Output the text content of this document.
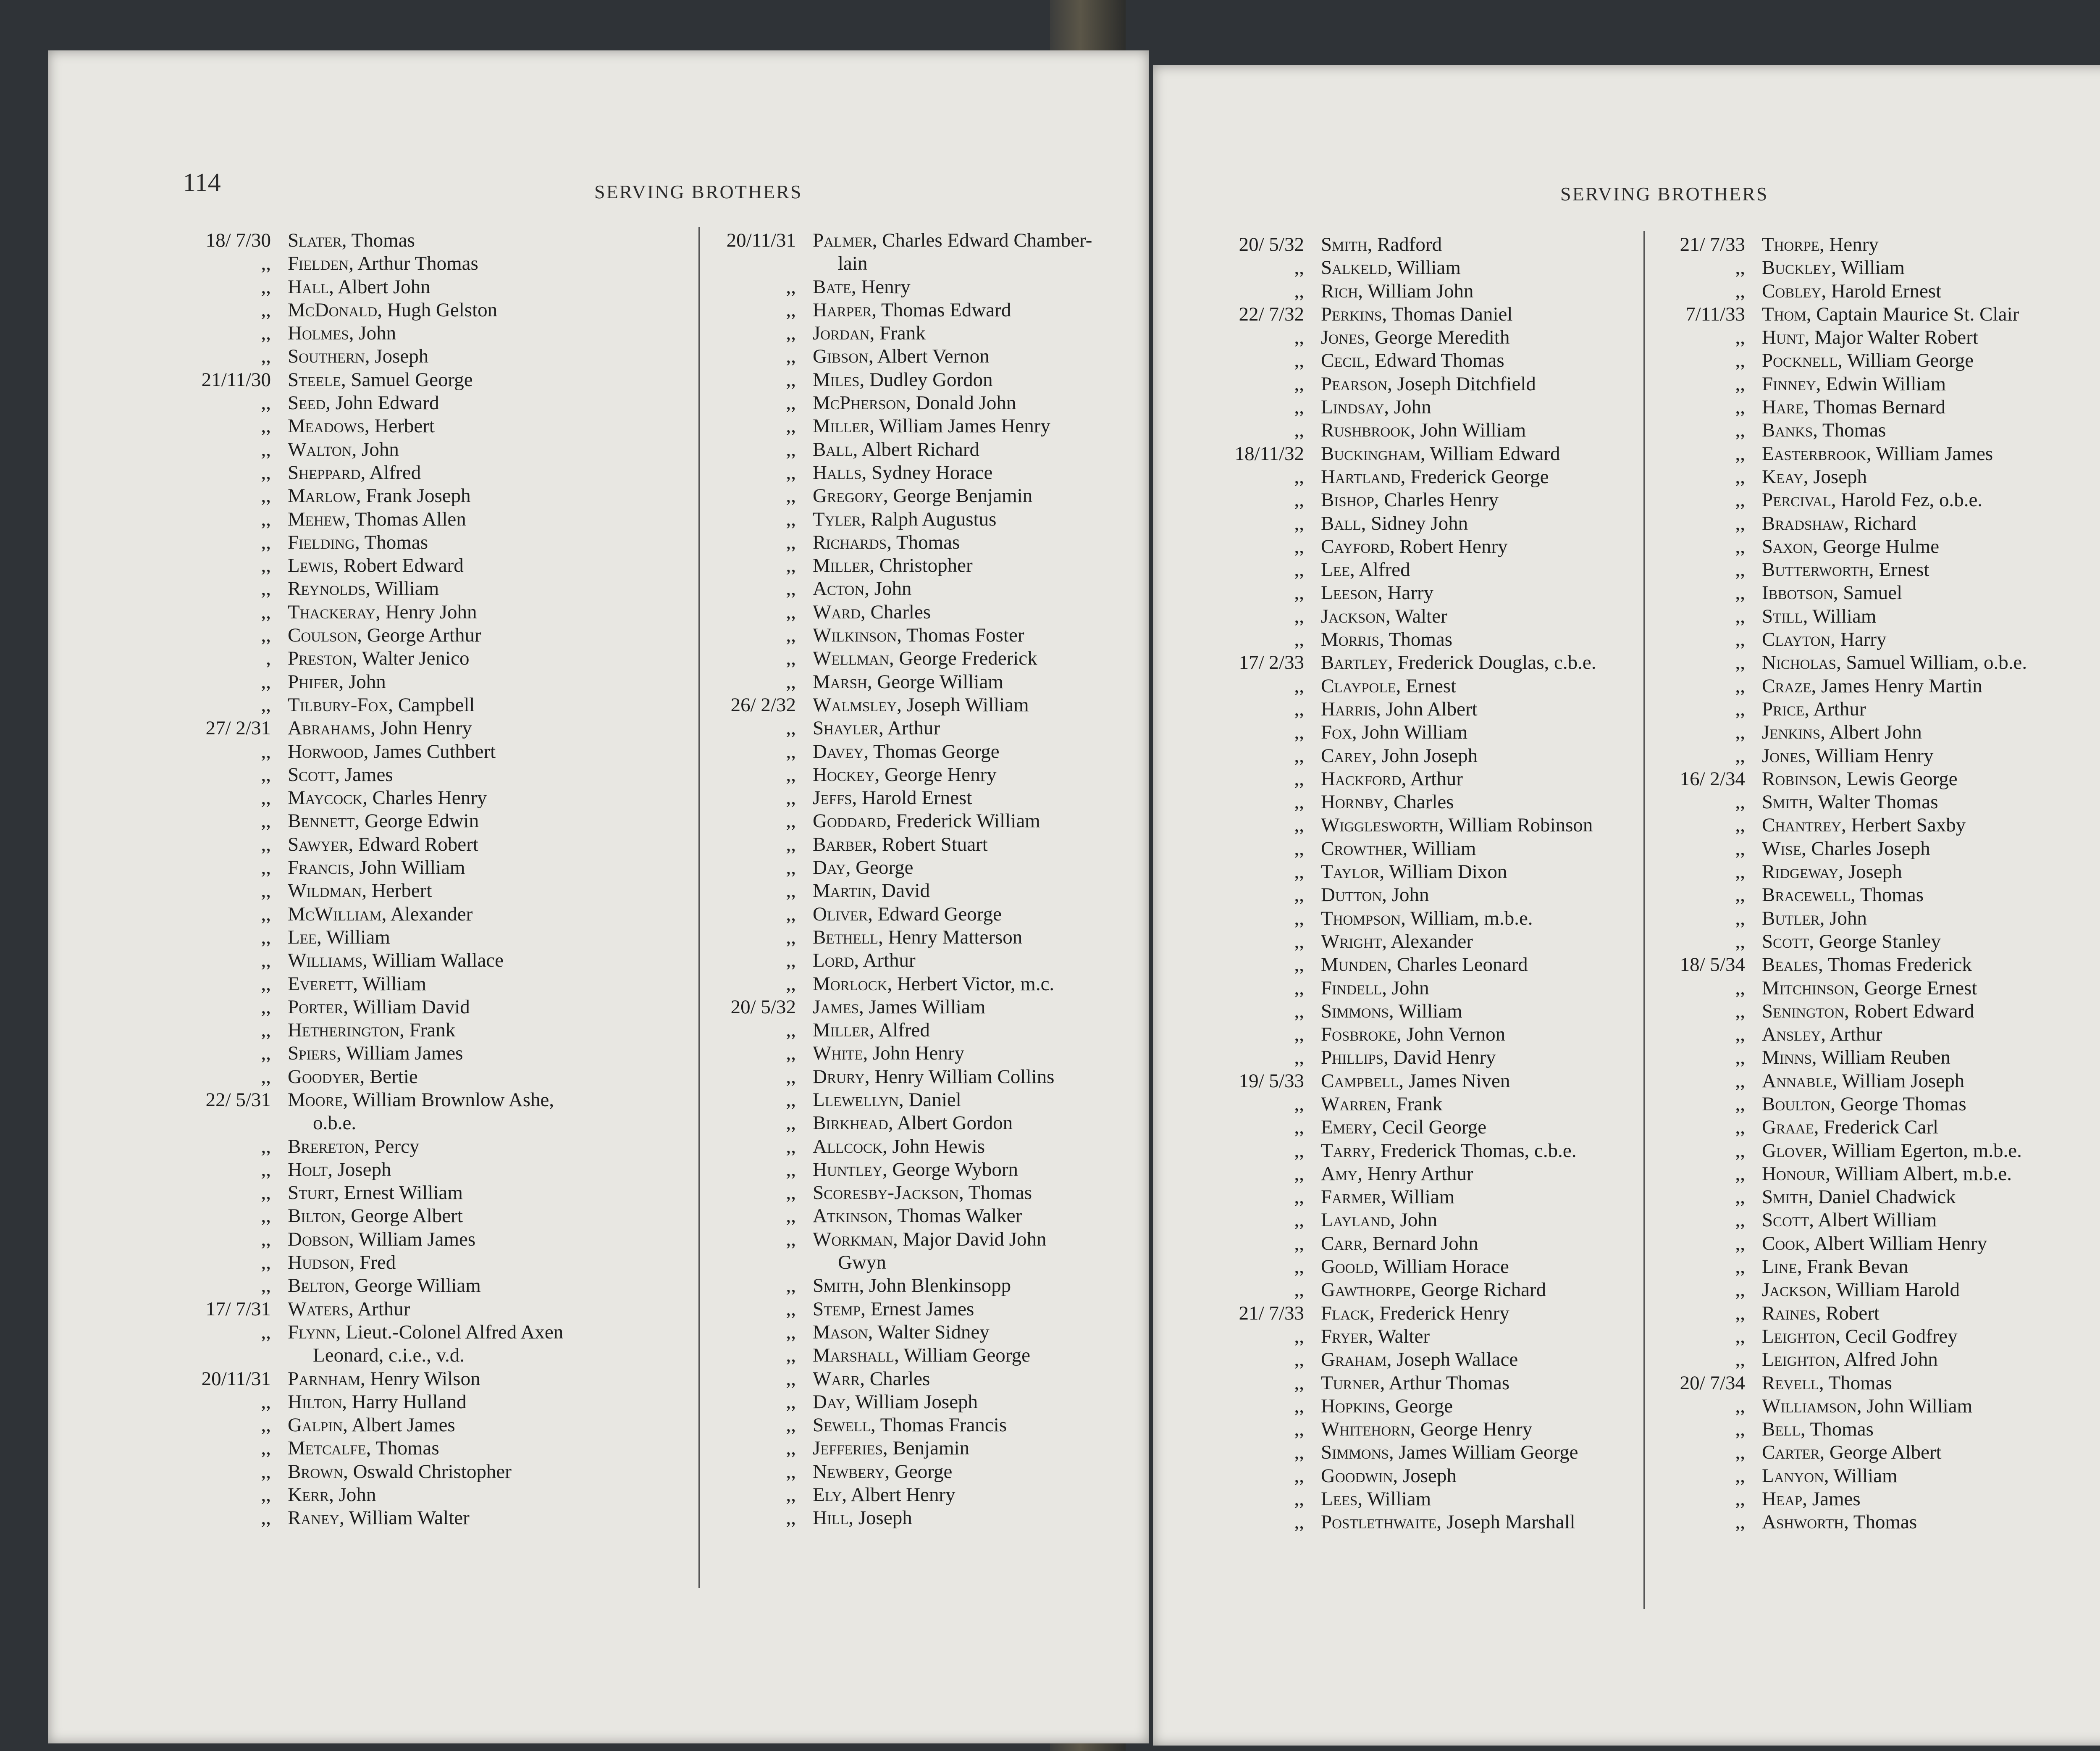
114	SERVING BROTHERS
18/ 7/30 Slater, Thomas
,, Fielden, Arthur Thomas
,, Hall, Albert John
,, McDonald, Hugh Gelston
,, Holmes, John
,, Southern, Joseph
21/11/30 Steele, Samuel George
,, Seed, John Edward
,, Meadows, Herbert
,, Walton, John
,, Sheppard, Alfred
,, Marlow, Frank Joseph
,, Mehew, Thomas Allen
,, Fielding, Thomas
,, Lewis, Robert Edward
,, Reynolds, William
,, Thackeray, Henry John
,, Coulson, George Arthur
, Preston, Walter Jenico
,, Phifer, John
,, Tilbury-Fox, Campbell
27/ 2/31 Abrahams, John Henry
,, Horwood, James Cuthbert
,, Scott, James
,, Maycock, Charles Henry
,, Bennett, George Edwin
,, Sawyer, Edward Robert
,, Francis, John William
,, Wildman, Herbert
,, McWilliam, Alexander
,, Lee, William
,, Williams, William Wallace
,, Everett, William
,, Porter, William David
,, Hetherington, Frank
,, Spiers, William James
,, Goodyer, Bertie
22/ 5/31 Moore, William Brownlow Ashe,
o.b.e.
,, Brereton, Percy
,, Holt, Joseph
,, Sturt, Ernest William
,, Bilton, George Albert
,, Dobson, William James
,, Hudson, Fred
,, Belton, George William
17/ 7/31 Waters, Arthur
,, Flynn, Lieut.-Colonel Alfred Axen
Leonard, c.i.e., v.d.
20/11/31 Parnham, Henry Wilson
,, Hilton, Harry Hulland
,, Galpin, Albert James
,, Metcalfe, Thomas
,, Brown, Oswald Christopher
,, Kerr, John
,, Raney, William Walter
20/11/31 Palmer, Charles Edward Chamber-
lain
,, Bate, Henry
,, Harper, Thomas Edward
,, Jordan, Frank
,, Gibson, Albert Vernon
,, Miles, Dudley Gordon
,, McPherson, Donald John
,, Miller, William James Henry
,, Ball, Albert Richard
,, Halls, Sydney Horace
,, Gregory, George Benjamin
,, Tyler, Ralph Augustus
,, Richards, Thomas
,, Miller, Christopher
,, Acton, John
,, Ward, Charles
,, Wilkinson, Thomas Foster
,, Wellman, George Frederick
,, Marsh, George William
26/ 2/32 Walmsley, Joseph William
,, Shayler, Arthur
,, Davey, Thomas George
,, Hockey, George Henry
,, Jeffs, Harold Ernest
,, Goddard, Frederick William
,, Barber, Robert Stuart
,, Day, George
,, Martin, David
,, Oliver, Edward George
,, Bethell, Henry Matterson
,, Lord, Arthur
,, Morlock, Herbert Victor, m.c.
20/ 5/32 James, James William
,, Miller, Alfred
,, White, John Henry
,, Drury, Henry William Collins
,, Llewellyn, Daniel
,, Birkhead, Albert Gordon
,, Allcock, John Hewis
,, Huntley, George Wyborn
,, Scoresby-Jackson, Thomas
,, Atkinson, Thomas Walker
,, Workman, Major David John
Gwyn
,, Smith, John Blenkinsopp
,, Stemp, Ernest James
,, Mason, Walter Sidney
,, Marshall, William George
,, Warr, Charles
,, Day, William Joseph
,, Sewell, Thomas Francis
,, Jefferies, Benjamin
,, Newbery, George
,, Ely, Albert Henry
,, Hill, Joseph
SERVING BROTHERS
20/ 5/32 Smith, Radford
,, Salkeld, William
,, Rich, William John
22/ 7/32 Perkins, Thomas Daniel
,, Jones, George Meredith
,, Cecil, Edward Thomas
,, Pearson, Joseph Ditchfield
,, Lindsay, John
,, Rushbrook, John William
18/11/32 Buckingham, William Edward
,, Hartland, Frederick George
,, Bishop, Charles Henry
,, Ball, Sidney John
,, Cayford, Robert Henry
,, Lee, Alfred
,, Leeson, Harry
,, Jackson, Walter
,, Morris, Thomas
17/ 2/33 Bartley, Frederick Douglas, c.b.e.
,, Claypole, Ernest
,, Harris, John Albert
,, Fox, John William
,, Carey, John Joseph
,, Hackford, Arthur
,, Hornby, Charles
,, Wigglesworth, William Robinson
,, Crowther, William
,, Taylor, William Dixon
,, Dutton, John
,, Thompson, William, m.b.e.
,, Wright, Alexander
,, Munden, Charles Leonard
,, Findell, John
,, Simmons, William
,, Fosbroke, John Vernon
,, Phillips, David Henry
19/ 5/33 Campbell, James Niven
,, Warren, Frank
,, Emery, Cecil George
,, Tarry, Frederick Thomas, c.b.e.
,, Amy, Henry Arthur
,, Farmer, William
,, Layland, John
,, Carr, Bernard John
,, Goold, William Horace
,, Gawthorpe, George Richard
21/ 7/33 Flack, Frederick Henry
,, Fryer, Walter
,, Graham, Joseph Wallace
,, Turner, Arthur Thomas
,, Hopkins, George
,, Whitehorn, George Henry
,, Simmons, James William George
,, Goodwin, Joseph
,, Lees, William
,, Postlethwaite, Joseph Marshall
21/ 7/33 Thorpe, Henry
,, Buckley, William
,, Cobley, Harold Ernest
7/11/33 Thom, Captain Maurice St. Clair
,, Hunt, Major Walter Robert
,, Pocknell, William George
,, Finney, Edwin William
,, Hare, Thomas Bernard
,, Banks, Thomas
,, Easterbrook, William James
,, Keay, Joseph
,, Percival, Harold Fez, o.b.e.
,, Bradshaw, Richard
,, Saxon, George Hulme
,, Butterworth, Ernest
,, Ibbotson, Samuel
,, Still, William
,, Clayton, Harry
,, Nicholas, Samuel William, o.b.e.
,, Craze, James Henry Martin
,, Price, Arthur
,, Jenkins, Albert John
,, Jones, William Henry
16/ 2/34 Robinson, Lewis George
,, Smith, Walter Thomas
,, Chantrey, Herbert Saxby
,, Wise, Charles Joseph
,, Ridgeway, Joseph
,, Bracewell, Thomas
,, Butler, John
,, Scott, George Stanley
18/ 5/34 Beales, Thomas Frederick
,, Mitchinson, George Ernest
,, Senington, Robert Edward
,, Ansley, Arthur
,, Minns, William Reuben
,, Annable, William Joseph
,, Boulton, George Thomas
,, Graae, Frederick Carl
,, Glover, William Egerton, m.b.e.
,, Honour, William Albert, m.b.e.
,, Smith, Daniel Chadwick
,, Scott, Albert William
,, Cook, Albert William Henry
,, Line, Frank Bevan
,, Jackson, William Harold
,, Raines, Robert
,, Leighton, Cecil Godfrey
,, Leighton, Alfred John
20/ 7/34 Revell, Thomas
,, Williamson, John William
,, Bell, Thomas
,, Carter, George Albert
,, Lanyon, William
,, Heap, James
,, Ashworth, Thomas
